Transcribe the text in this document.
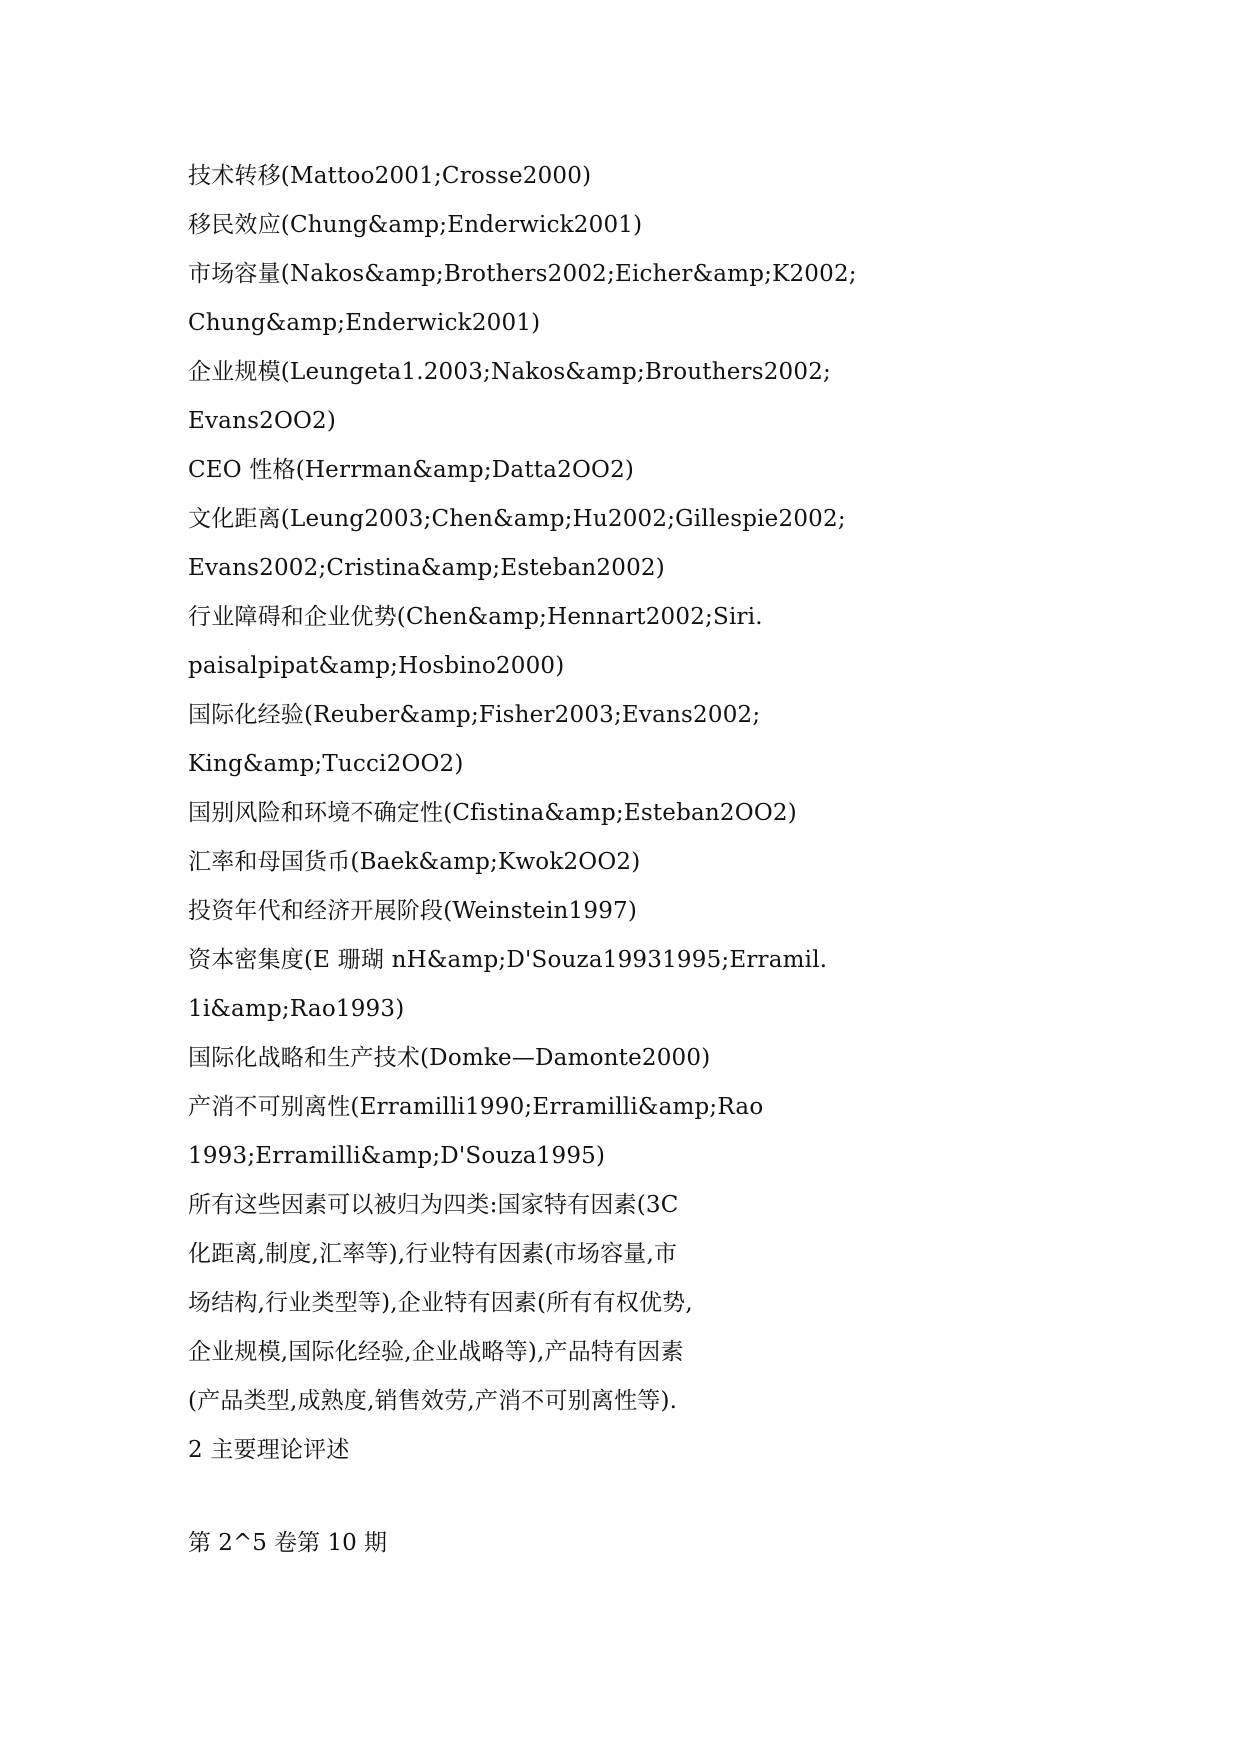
技术转移(Mattoo2001;Crosse2000)
移民效应(Chung&amp;Enderwick2001)
市场容量(Nakos&amp;Brothers2002;Eicher&amp;K2002;
Chung&amp;Enderwick2001)
企业规模(Leungeta1.2003;Nakos&amp;Brouthers2002;
Evans2OO2)
CEO 性格(Herrman&amp;Datta2OO2)
文化距离(Leung2003;Chen&amp;Hu2002;Gillespie2002;
Evans2002;Cristina&amp;Esteban2002)
行业障碍和企业优势(Chen&amp;Hennart2002;Siri.
paisalpipat&amp;Hosbino2000)
国际化经验(Reuber&amp;Fisher2003;Evans2002;
King&amp;Tucci2OO2)
国别风险和环境不确定性(Cfistina&amp;Esteban2OO2)
汇率和母国货币(Baek&amp;Kwok2OO2)
投资年代和经济开展阶段(Weinstein1997)
资本密集度(E 珊瑚 nH&amp;D'Souza19931995;Erramil.
1i&amp;Rao1993)
国际化战略和生产技术(Domke—Damonte2000)
产消不可别离性(Erramilli1990;Erramilli&amp;Rao
1993;Erramilli&amp;D'Souza1995)
所有这些因素可以被归为四类:国家特有因素(3C
化距离,制度,汇率等),行业特有因素(市场容量,市
场结构,行业类型等),企业特有因素(所有有权优势,
企业规模,国际化经验,企业战略等),产品特有因素
(产品类型,成熟度,销售效劳,产消不可别离性等).
2 主要理论评述
第 2^5 卷第 10 期
